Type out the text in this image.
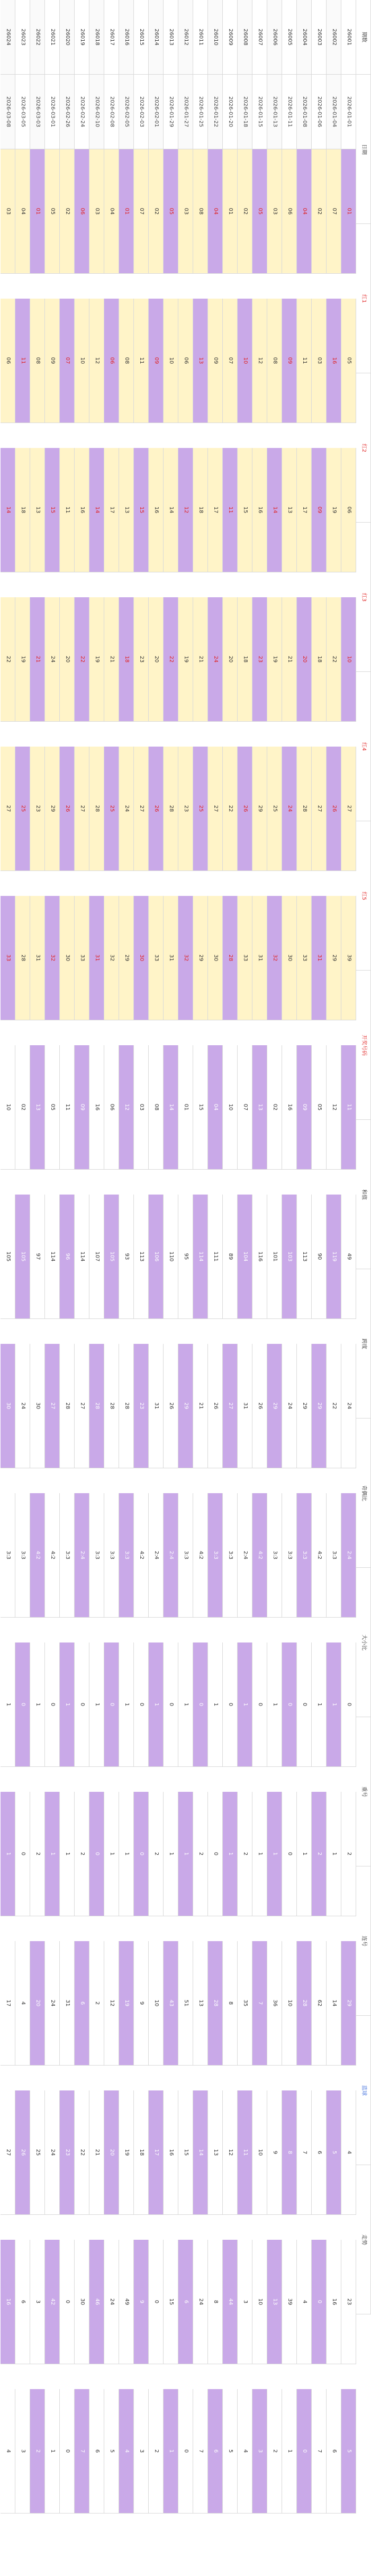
期数
日期
红1
红2
红3
红4
红5
开奖号码
和值
跨度
奇偶比
大小比
重号
连号
蓝球
走势
26001
2026-01-01
01
05
06
10
27
39
11
49
24
2:4
0
2
29
4
23
5
26002
2026-01-04
07
16
19
22
26
29
12
119
22
3:3
1
1
14
5
16
6
26003
2026-01-06
02
03
09
18
27
31
05
90
29
4:2
1
2
62
6
0
7
26004
2026-01-08
04
11
17
20
28
33
09
113
29
3:3
0
1
28
7
4
0
26005
2026-01-11
06
09
13
21
24
30
16
103
24
3:3
0
0
10
8
39
1
26006
2026-01-13
03
08
14
19
25
32
02
101
29
3:3
1
1
36
9
13
2
26007
2026-01-15
05
12
16
23
29
31
13
116
26
4:2
0
1
7
10
10
3
26008
2026-01-18
02
10
15
18
26
33
07
104
31
2:4
1
2
35
11
3
4
26009
2026-01-20
01
07
11
20
22
28
10
89
27
3:3
0
1
8
12
44
5
26010
2026-01-22
04
09
17
24
27
30
04
111
26
3:3
1
0
28
13
8
6
26011
2026-01-25
08
13
18
21
25
29
15
114
21
4:2
0
2
13
14
24
7
26012
2026-01-27
03
06
12
19
23
32
01
95
29
3:3
1
1
51
15
6
0
26013
2026-01-29
05
10
14
22
28
31
14
110
26
2:4
0
1
43
16
15
1
26014
2026-02-01
02
09
16
20
26
33
08
106
31
2:4
1
2
10
17
0
2
26015
2026-02-03
07
11
15
23
27
30
03
113
23
4:2
0
0
9
18
9
3
26016
2026-02-05
01
08
13
18
24
29
12
93
28
3:3
1
1
19
19
49
4
26017
2026-02-08
04
06
17
21
25
32
06
105
28
3:3
0
1
12
20
24
5
26018
2026-02-10
03
12
14
19
28
31
16
107
28
3:3
1
0
2
21
46
6
26019
2026-02-24
06
10
16
22
27
33
09
114
27
2:4
0
2
6
22
30
7
26020
2026-02-26
02
07
11
20
26
30
11
96
28
3:3
1
1
31
23
0
0
26021
2026-03-01
05
09
15
24
29
32
05
114
27
4:2
0
1
24
24
42
1
26022
2026-03-03
01
08
13
21
23
31
13
97
30
4:2
1
2
20
25
3
2
26023
2026-03-05
04
11
18
19
25
28
02
105
24
3:3
0
0
4
26
6
3
26024
2026-03-08
03
06
14
22
27
33
10
105
30
3:3
1
1
17
27
16
4
